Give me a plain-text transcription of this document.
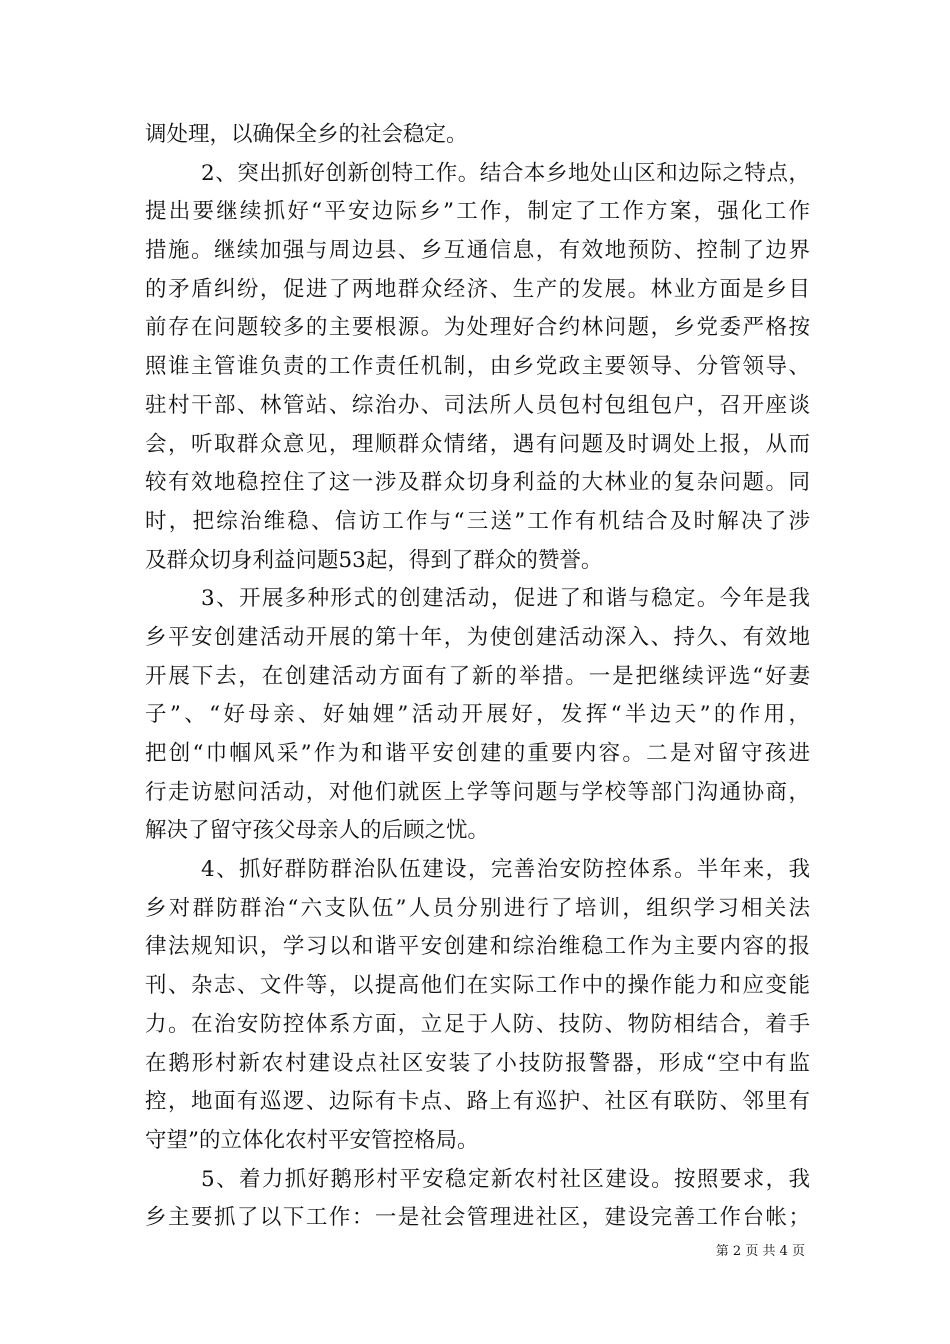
调处理，以确保全乡的社会稳定。
2、突出抓好创新创特工作。结合本乡地处山区和边际之特点，
提出要继续抓好“平安边际乡”工作，制定了工作方案，强化工作
措施。继续加强与周边县、乡互通信息，有效地预防、控制了边界
的矛盾纠纷，促进了两地群众经济、生产的发展。林业方面是乡目
前存在问题较多的主要根源。为处理好合约林问题，乡党委严格按
照谁主管谁负责的工作责任机制，由乡党政主要领导、分管领导、
驻村干部、林管站、综治办、司法所人员包村包组包户，召开座谈
会，听取群众意见，理顺群众情绪，遇有问题及时调处上报，从而
较有效地稳控住了这一涉及群众切身利益的大林业的复杂问题。同
时，把综治维稳、信访工作与“三送”工作有机结合及时解决了涉
及群众切身利益问题53起，得到了群众的赞誉。
3、开展多种形式的创建活动，促进了和谐与稳定。今年是我
乡平安创建活动开展的第十年，为使创建活动深入、持久、有效地
开展下去，在创建活动方面有了新的举措。一是把继续评选“好妻
子”、“好母亲、好妯娌”活动开展好，发挥“半边天”的作用，
把创“巾帼风采”作为和谐平安创建的重要内容。二是对留守孩进
行走访慰问活动，对他们就医上学等问题与学校等部门沟通协商，
解决了留守孩父母亲人的后顾之忧。
4、抓好群防群治队伍建设，完善治安防控体系。半年来，我
乡对群防群治“六支队伍”人员分别进行了培训，组织学习相关法
律法规知识，学习以和谐平安创建和综治维稳工作为主要内容的报
刊、杂志、文件等，以提高他们在实际工作中的操作能力和应变能
力。在治安防控体系方面，立足于人防、技防、物防相结合，着手
在鹅形村新农村建设点社区安装了小技防报警器，形成“空中有监
控，地面有巡逻、边际有卡点、路上有巡护、社区有联防、邻里有
守望”的立体化农村平安管控格局。
5、着力抓好鹅形村平安稳定新农村社区建设。按照要求，我
乡主要抓了以下工作：一是社会管理进社区，建设完善工作台帐；
第 2 页 共 4 页
